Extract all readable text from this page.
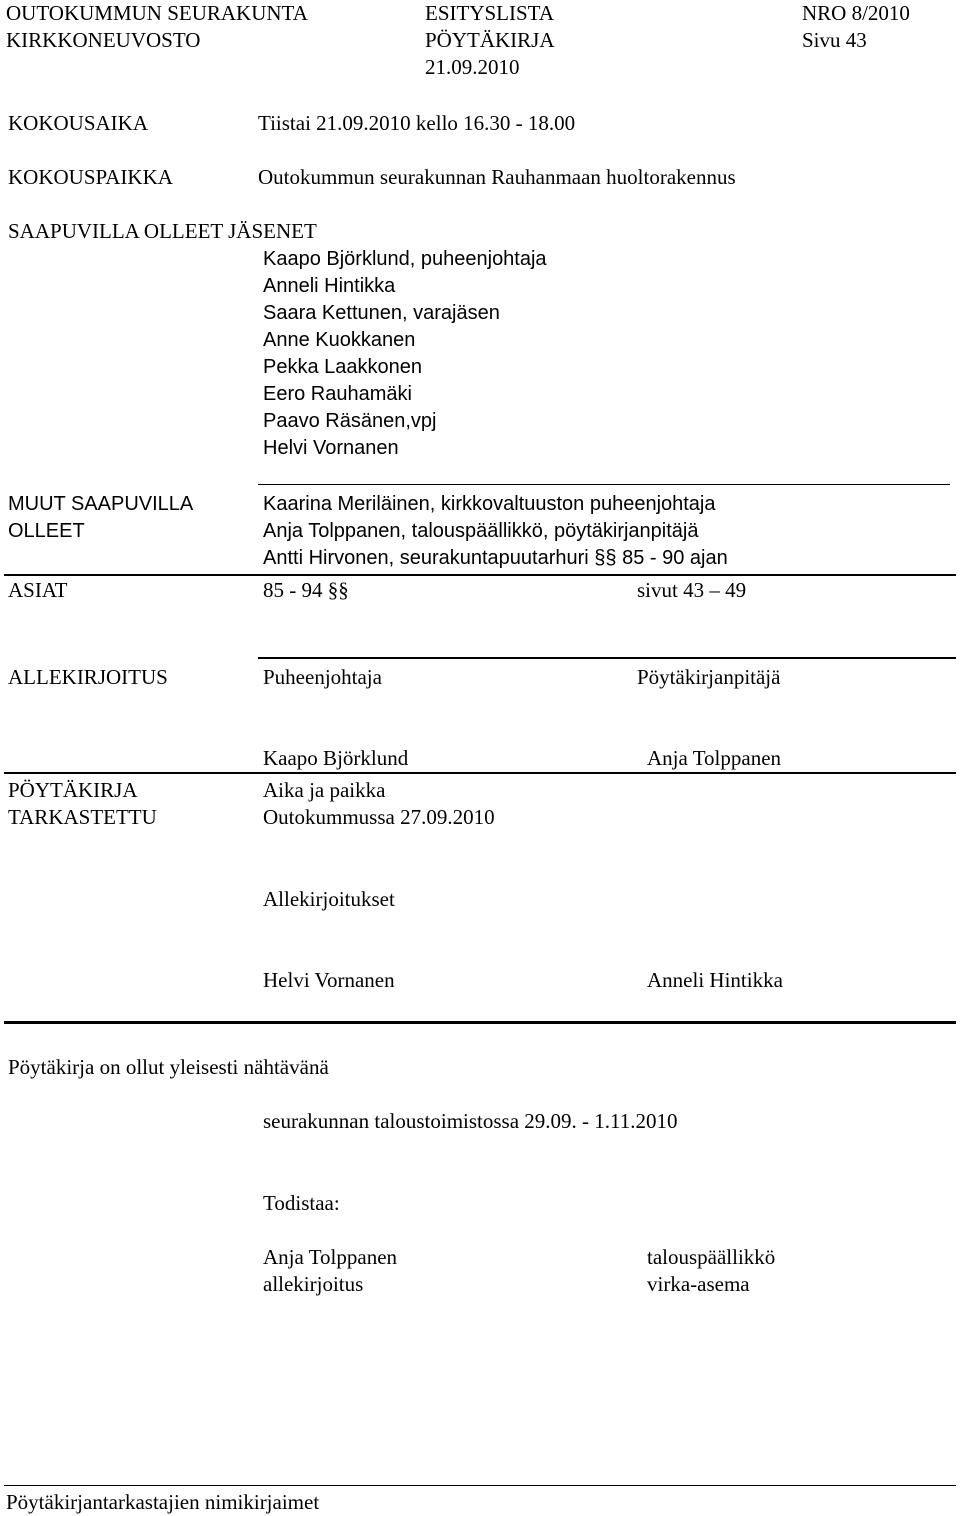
OUTOKUMMUN SEURAKUNTA
KIRKKONEUVOSTO
ESITYSLISTA
PÖYTÄKIRJA
21.09.2010
NRO 8/2010
Sivu 43
KOKOUSAIKA	Tiistai 21.09.2010 kello 16.30 - 18.00
KOKOUSPAIKKA	Outokummun seurakunnan Rauhanmaan huoltorakennus
SAAPUVILLA OLLEET JÄSENET
Kaapo Björklund, puheenjohtaja
Anneli Hintikka
Saara Kettunen, varajäsen
Anne Kuokkanen
Pekka Laakkonen
Eero Rauhamäki
Paavo Räsänen,vpj
Helvi Vornanen
MUUT SAAPUVILLA
OLLEET
Kaarina Meriläinen, kirkkovaltuuston puheenjohtaja
Anja Tolppanen, talouspäällikkö, pöytäkirjanpitäjä
Antti Hirvonen, seurakuntapuutarhuri §§ 85 - 90 ajan
ASIAT	85 - 94 §§	sivut 43 – 49
ALLEKIRJOITUS	Puheenjohtaja	Pöytäkirjanpitäjä
Kaapo Björklund	Anja Tolppanen
PÖYTÄKIRJA
TARKASTETTU
Aika ja paikka
Outokummussa 27.09.2010
Allekirjoitukset
Helvi Vornanen	Anneli Hintikka
Pöytäkirja on ollut yleisesti nähtävänä
seurakunnan taloustoimistossa 29.09. - 1.11.2010
Todistaa:
Anja Tolppanen	talouspäällikkö
allekirjoitus	virka-asema
Pöytäkirjantarkastajien nimikirjaimet
